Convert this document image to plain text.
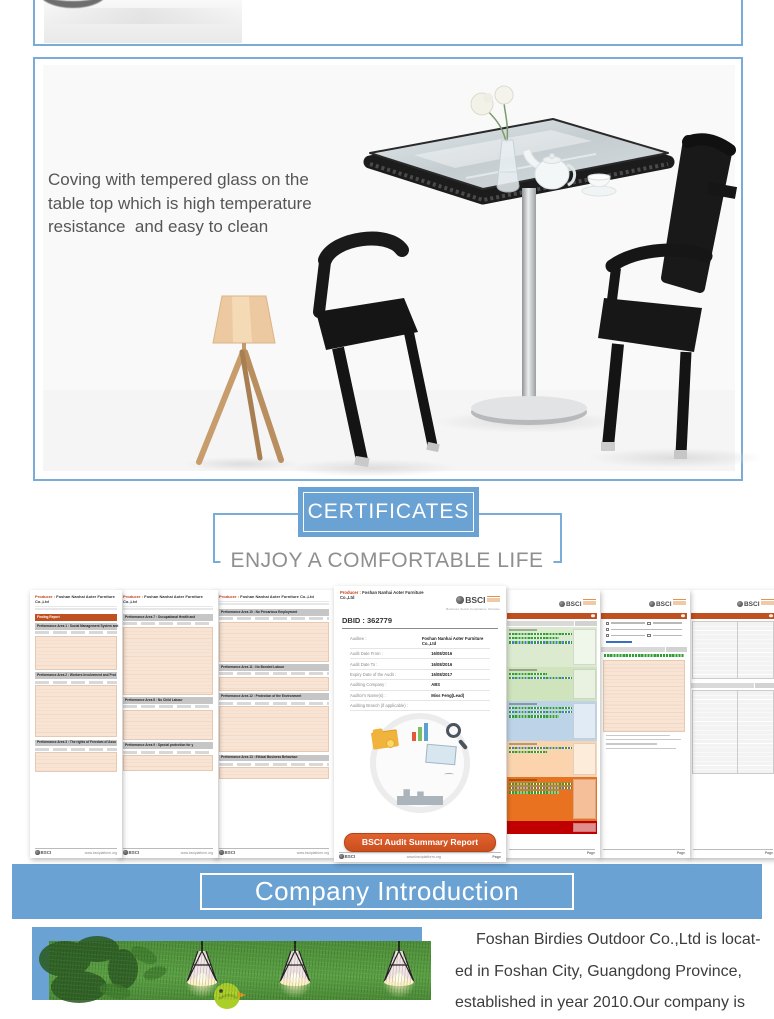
Coving with tempered glass on the
table top which is high temperature
resistance  and easy to clean
CERTIFICATES
ENJOY A COMFORTABLE LIFE
Producer : Foshan Nanhai Aoter Furniture Co.,Ltd
Finding Report
Performance Area 1 : Social Management System and
Performance Area 2 : Workers Involvement and Prot
Performance Area 3 : The rights of Freedom of Asso
BSCI	www.bsciplatform.org
Producer : Foshan Nanhai Aoter Furniture Co.,Ltd
Performance Area 7 : Occupational Health and
Performance Area 8 : No Child Labour
Performance Area 9 : Special protection for y
BSCI	www.bsciplatform.org
Producer : Foshan Nanhai Aoter Furniture Co.,Ltd
Performance Area 10 : No Precarious Employment
Performance Area 11 : No Bonded Labour
Performance Area 12 : Protection of the Environment
Performance Area 13 : Ethical Business Behaviour
BSCI	www.bsciplatform.org
Producer : Foshan Nanhai Aoter Furniture Co.,Ltd	BSCI
Business Social Compliance Initiative
DBID : 362779
Auditee :	Foshan Nanhai Aoter Furniture Co.,Ltd
Audit Date From :	16/08/2016
Audit Date To :	16/08/2016
Expiry Date of the Audit :	16/08/2017
Auditing Company :	ABS
Auditor's Name(s) :	Miss Feng(Lead)
Auditing Branch (if applicable) :
BSCI Audit Summary Report
BSCI	www.bsciplatform.org	Page
BSCI
Page
BSCI
Page
BSCI
Page
Company Introduction
Foshan Birdies Outdoor Co.,Ltd is locat-
ed in Foshan City, Guangdong Province,
established in year 2010.Our company is
